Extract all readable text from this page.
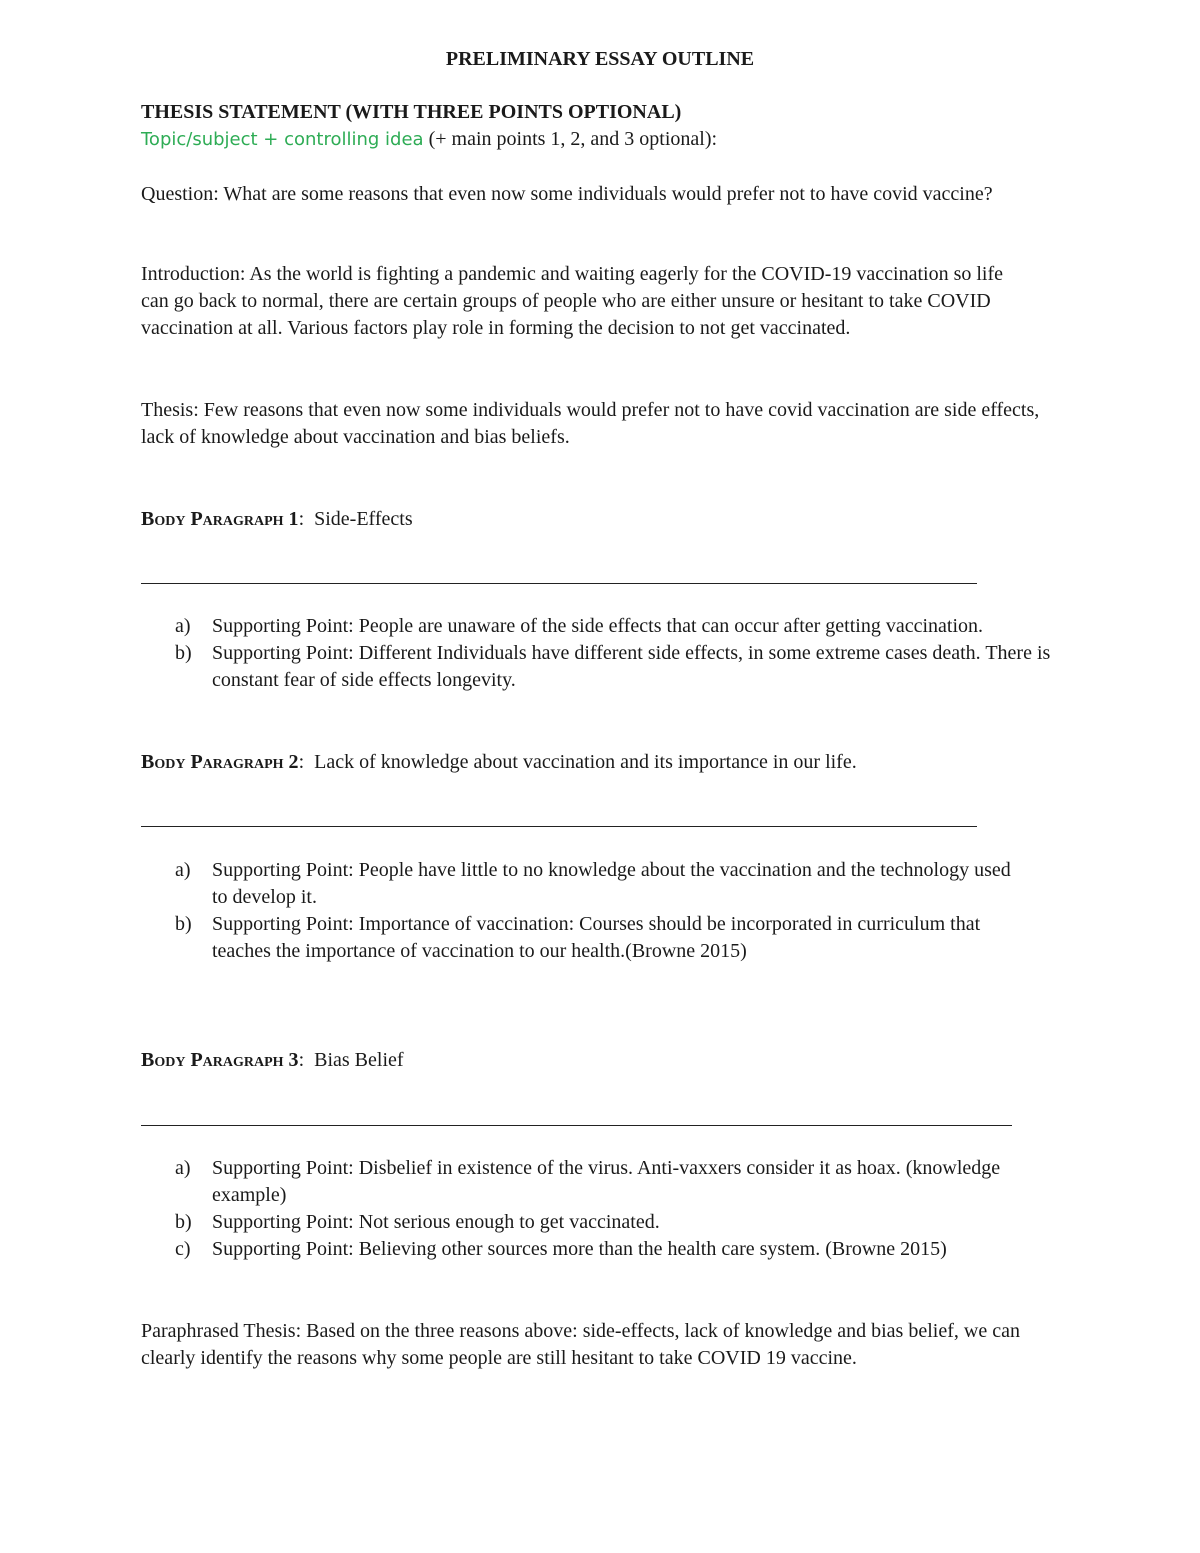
PRELIMINARY ESSAY OUTLINE
THESIS STATEMENT (WITH THREE POINTS OPTIONAL)
Topic/subject + controlling idea (+ main points 1, 2, and 3 optional):
Question: What are some reasons that even now some individuals would prefer not to have covid vaccine?
Introduction: As the world is fighting a pandemic and waiting eagerly for the COVID-19 vaccination so life can go back to normal, there are certain groups of people who are either unsure or hesitant to take COVID vaccination at all. Various factors play role in forming the decision to not get vaccinated.
Thesis: Few reasons that even now some individuals would prefer not to have covid vaccination are side effects, lack of knowledge about vaccination and bias beliefs.
Body Paragraph 1: Side-Effects
a) Supporting Point: People are unaware of the side effects that can occur after getting vaccination.
b) Supporting Point: Different Individuals have different side effects, in some extreme cases death. There is constant fear of side effects longevity.
Body Paragraph 2: Lack of knowledge about vaccination and its importance in our life.
a) Supporting Point: People have little to no knowledge about the vaccination and the technology used to develop it.
b) Supporting Point: Importance of vaccination: Courses should be incorporated in curriculum that teaches the importance of vaccination to our health.(Browne 2015)
Body Paragraph 3: Bias Belief
a) Supporting Point: Disbelief in existence of the virus. Anti-vaxxers consider it as hoax. (knowledge example)
b) Supporting Point: Not serious enough to get vaccinated.
c) Supporting Point: Believing other sources more than the health care system. (Browne 2015)
Paraphrased Thesis: Based on the three reasons above: side-effects, lack of knowledge and bias belief, we can clearly identify the reasons why some people are still hesitant to take COVID 19 vaccine.
